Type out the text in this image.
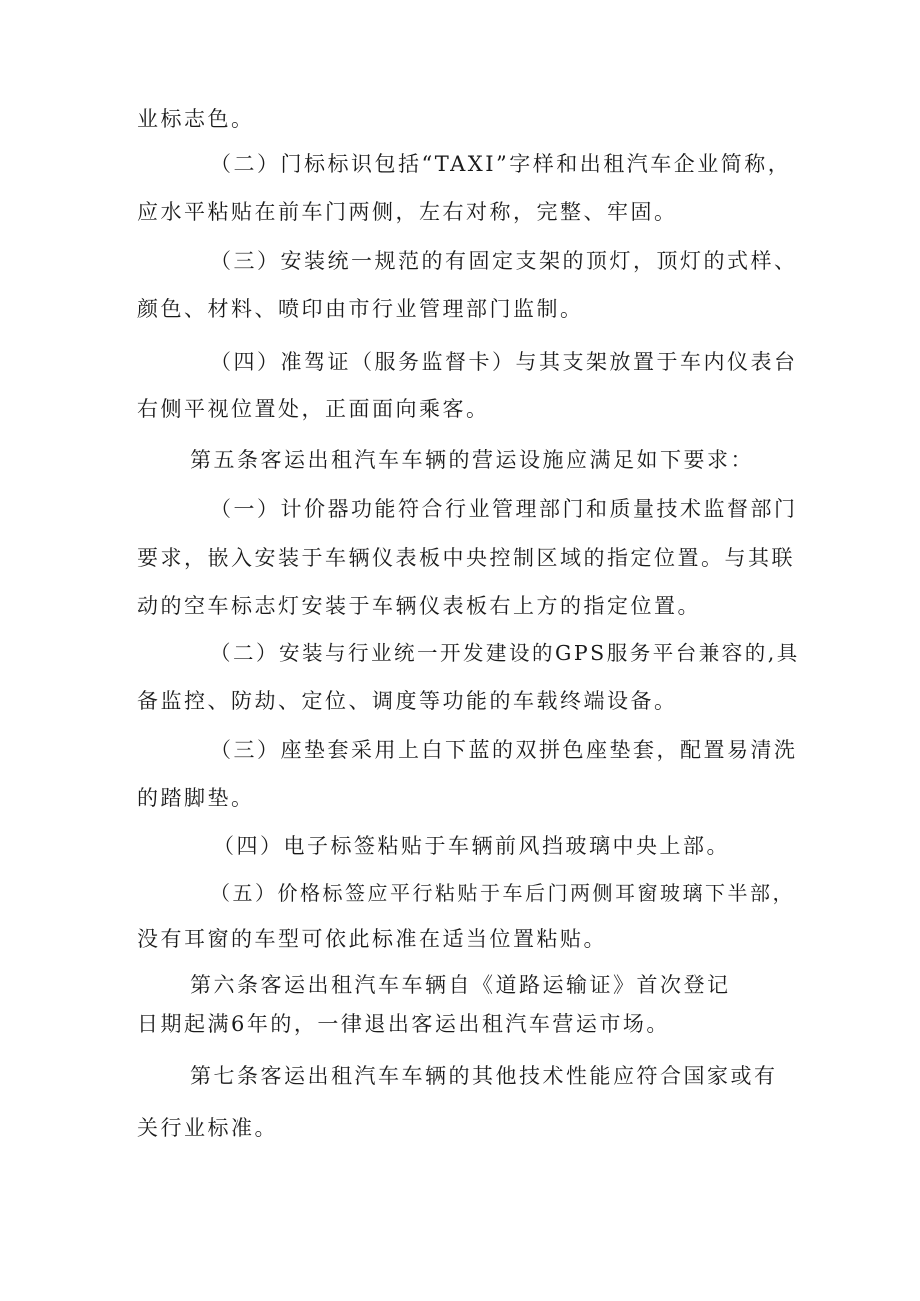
业标志色。
（二）门标标识包括“TAXI”字样和出租汽车企业简称，
应水平粘贴在前车门两侧，左右对称，完整、牢固。
（三）安装统一规范的有固定支架的顶灯，顶灯的式样、
颜色、材料、喷印由市行业管理部门监制。
（四）准驾证（服务监督卡）与其支架放置于车内仪表台
右侧平视位置处，正面面向乘客。
第五条客运出租汽车车辆的营运设施应满足如下要求：
（一）计价器功能符合行业管理部门和质量技术监督部门
要求，嵌入安装于车辆仪表板中央控制区域的指定位置。与其联
动的空车标志灯安装于车辆仪表板右上方的指定位置。
（二）安装与行业统一开发建设的GPS服务平台兼容的,具
备监控、防劫、定位、调度等功能的车载终端设备。
（三）座垫套采用上白下蓝的双拼色座垫套，配置易清洗
的踏脚垫。
（四）电子标签粘贴于车辆前风挡玻璃中央上部。
（五）价格标签应平行粘贴于车后门两侧耳窗玻璃下半部，
没有耳窗的车型可依此标准在适当位置粘贴。
第六条客运出租汽车车辆自《道路运输证》首次登记
日期起满6年的，一律退出客运出租汽车营运市场。
第七条客运出租汽车车辆的其他技术性能应符合国家或有
关行业标准。
